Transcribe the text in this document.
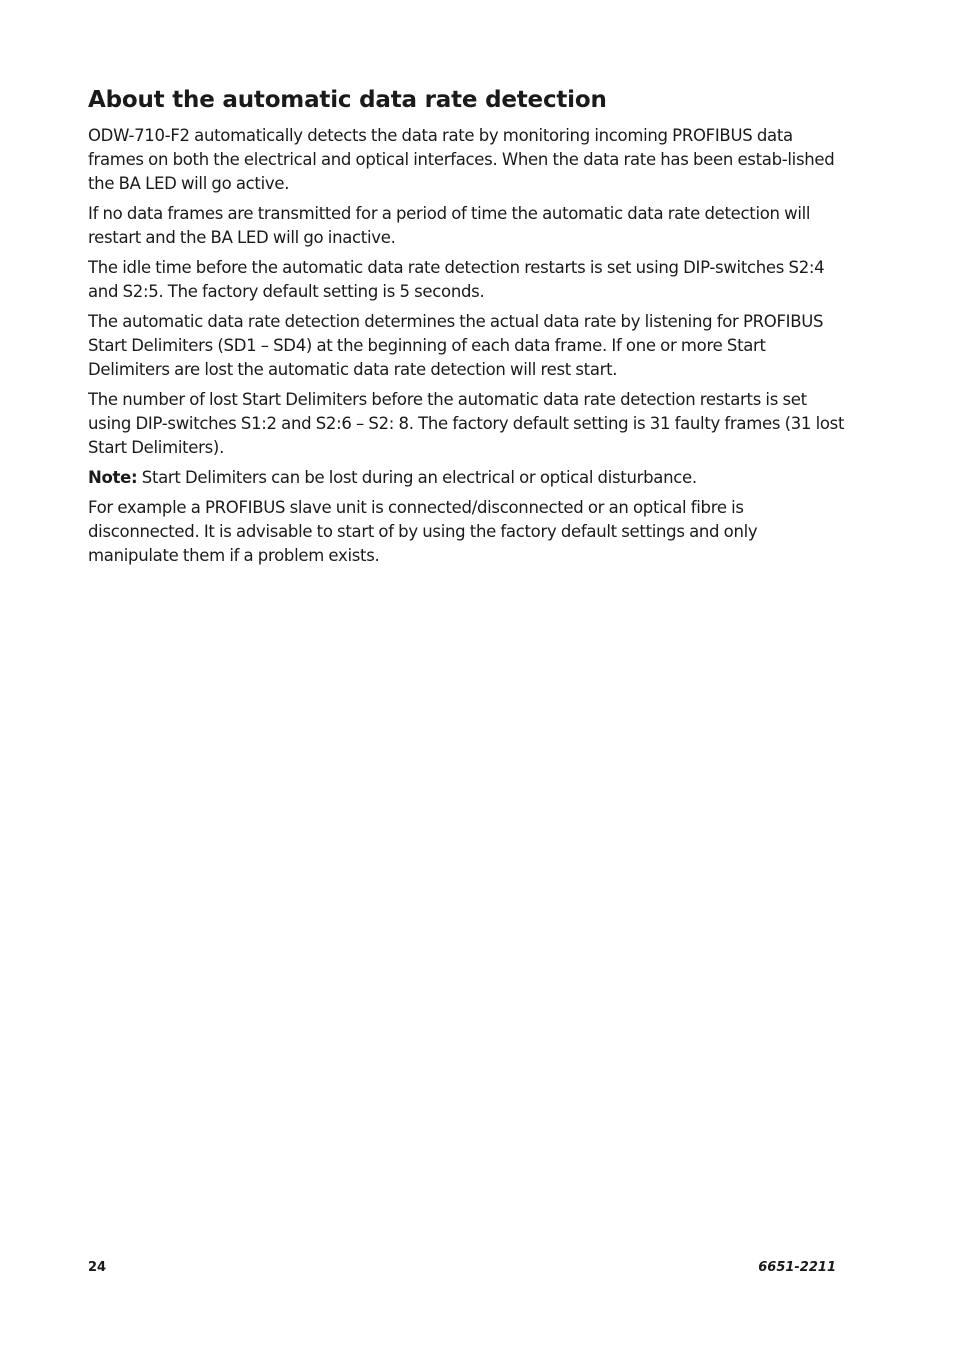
About the automatic data rate detection

ODW-710-F2 automatically detects the data rate by monitoring incoming PROFIBUS data frames on both the electrical and optical interfaces. When the data rate has been estab-lished the BA LED will go active.

If no data frames are transmitted for a period of time the automatic data rate detection will restart and the BA LED will go inactive.

The idle time before the automatic data rate detection restarts is set using DIP-switches S2:4 and S2:5. The factory default setting is 5 seconds.

The automatic data rate detection determines the actual data rate by listening for PROFIBUS Start Delimiters (SD1 – SD4) at the beginning of each data frame. If one or more Start Delimiters are lost the automatic data rate detection will rest start.

The number of lost Start Delimiters before the automatic data rate detection restarts is set using DIP-switches S1:2 and S2:6 – S2: 8. The factory default setting is 31 faulty frames (31 lost Start Delimiters).

Note: Start Delimiters can be lost during an electrical or optical disturbance.

For example a PROFIBUS slave unit is connected/disconnected or an optical fibre is disconnected. It is advisable to start of by using the factory default settings and only manipulate them if a problem exists.

24	6651-2211
